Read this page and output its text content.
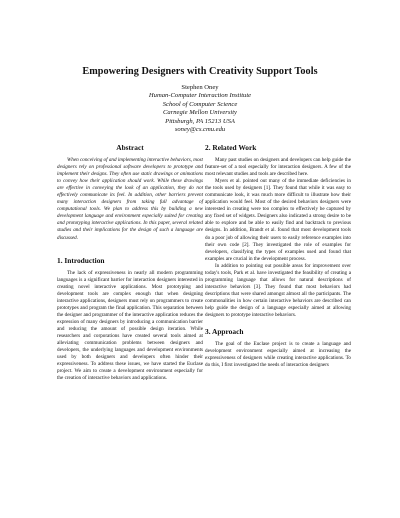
Empowering Designers with Creativity Support Tools
Stephen Oney
Human-Computer Interaction Institute
School of Computer Science
Carnegie Mellon University
Pittsburgh, PA 15213 USA
soney@cs.cmu.edu
Abstract

When conceiving of and implementing interactive behaviors, most designers rely on professional software developers to prototype and implement their designs. They often use static drawings or animations to convey how their application should work. While these drawings are effective in conveying the look of an application, they do not effectively communicate its feel. In addition, other barriers prevent many interaction designers from taking full advantage of computational tools. We plan to address this by building a new development language and environment especially suited for creating and prototyping interactive applications. In this paper, several related studies and their implications for the design of such a language are discussed.

1. Introduction

The lack of expressiveness in nearly all modern programming languages is a significant barrier for interaction designers interested in creating novel interactive applications. Most prototyping and development tools are complex enough that when designing interactive applications, designers must rely on programmers to create prototypes and program the final application. This separation between the designer and programmer of the interactive application reduces the expression of many designers by introducing a communication barrier and reducing the amount of possible design iteration. While researchers and corporations have created several tools aimed at alleviating communication problems between designers and developers, the underlying languages and development environments used by both designers and developers often hinder their expressiveness. To address these issues, we have started the Euclase project. We aim to create a development environment especially for the creation of interactive behaviors and applications.

2. Related Work

Many past studies on designers and developers can help guide the feature-set of a tool especially for interaction designers. A few of the most relevant studies and tools are described here.

Myers et al. pointed out many of the immediate deficiencies in the tools used by designers [1]. They found that while it was easy to communicate look, it was much more difficult to illustrate how their application would feel. Most of the desired behaviors designers were interested in creating were too complex to effectively be captured by any fixed set of widgets. Designers also indicated a strong desire to be able to explore and be able to easily find and backtrack to previous designs. In addition, Brandt et al. found that most development tools do a poor job of allowing their users to easily reference examples into their own code [2]. They investigated the role of examples for developers, classifying the types of examples used and found that examples are crucial in the development process.

In addition to pointing out possible areas for improvement over today's tools, Park et al. have investigated the feasibility of creating a programming language that allows for natural descriptions of interactive behaviors [3]. They found that most behaviors had descriptions that were shared amongst almost all the participants. The commonalities in how certain interactive behaviors are described can help guide the design of a language especially aimed at allowing designers to prototype interactive behaviors.

3. Approach

The goal of the Euclase project is to create a language and development environment especially aimed at increasing the expressiveness of designers while creating interactive applications. To do this, I first investigated the needs of interaction designers
